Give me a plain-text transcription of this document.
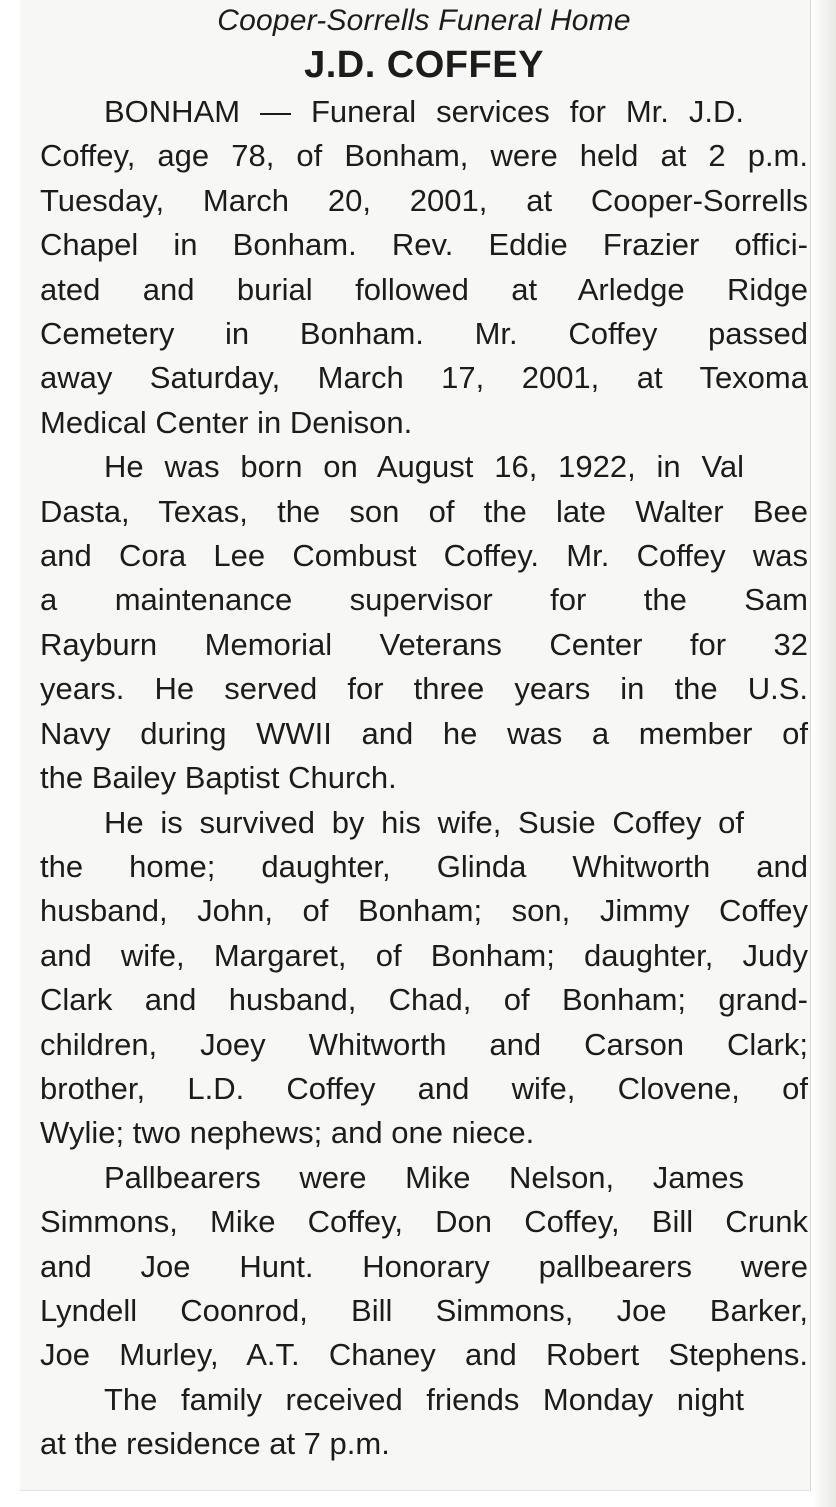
Cooper-Sorrells Funeral Home
J.D. COFFEY
BONHAM — Funeral services for Mr. J.D.
Coffey, age 78, of Bonham, were held at 2 p.m.
Tuesday, March 20, 2001, at Cooper-Sorrells
Chapel in Bonham. Rev. Eddie Frazier offici-
ated and burial followed at Arledge Ridge
Cemetery in Bonham. Mr. Coffey passed
away Saturday, March 17, 2001, at Texoma
Medical Center in Denison.
He was born on August 16, 1922, in Val
Dasta, Texas, the son of the late Walter Bee
and Cora Lee Combust Coffey. Mr. Coffey was
a maintenance supervisor for the Sam
Rayburn Memorial Veterans Center for 32
years. He served for three years in the U.S.
Navy during WWII and he was a member of
the Bailey Baptist Church.
He is survived by his wife, Susie Coffey of
the home; daughter, Glinda Whitworth and
husband, John, of Bonham; son, Jimmy Coffey
and wife, Margaret, of Bonham; daughter, Judy
Clark and husband, Chad, of Bonham; grand-
children, Joey Whitworth and Carson Clark;
brother, L.D. Coffey and wife, Clovene, of
Wylie; two nephews; and one niece.
Pallbearers were Mike Nelson, James
Simmons, Mike Coffey, Don Coffey, Bill Crunk
and Joe Hunt. Honorary pallbearers were
Lyndell Coonrod, Bill Simmons, Joe Barker,
Joe Murley, A.T. Chaney and Robert Stephens.
The family received friends Monday night
at the residence at 7 p.m.
